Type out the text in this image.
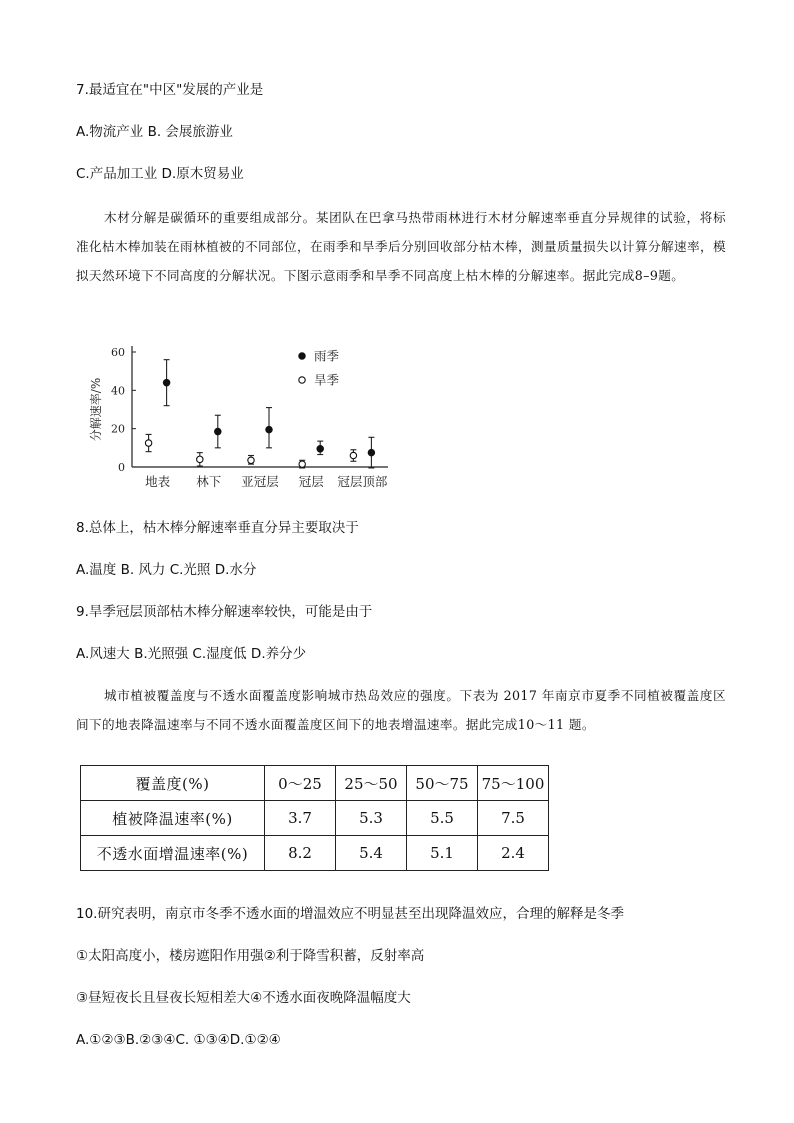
7.最适宜在"中区"发展的产业是
A.物流产业 B. 会展旅游业
C.产品加工业 D.原木贸易业
木材分解是碳循环的重要组成部分。某团队在巴拿马热带雨林进行木材分解速率垂直分异规律的试验，将标准化枯木棒加装在雨林植被的不同部位，在雨季和旱季后分别回收部分枯木棒，测量质量损失以计算分解速率，模拟天然环境下不同高度的分解状况。下图示意雨季和旱季不同高度上枯木棒的分解速率。据此完成8–9题。
0
20
40
60
分解速率/%
地表 林下 亚冠层 冠层 冠层顶部
雨季
旱季
8.总体上，枯木棒分解速率垂直分异主要取决于
A.温度 B. 风力 C.光照 D.水分
9.旱季冠层顶部枯木棒分解速率较快，可能是由于
A.风速大 B.光照强 C.湿度低 D.养分少
城市植被覆盖度与不透水面覆盖度影响城市热岛效应的强度。下表为 2017 年南京市夏季不同植被覆盖度区间下的地表降温速率与不同不透水面覆盖度区间下的地表增温速率。据此完成10～11 题。
覆盖度(%)	0～25	25～50	50～75	75～100
植被降温速率(%)	3.7	5.3	5.5	7.5
不透水面增温速率(%)	8.2	5.4	5.1	2.4
10.研究表明，南京市冬季不透水面的增温效应不明显甚至出现降温效应，合理的解释是冬季
①太阳高度小，楼房遮阳作用强②利于降雪积蓄，反射率高
③昼短夜长且昼夜长短相差大④不透水面夜晚降温幅度大
A.①②③B.②③④C. ①③④D.①②④
